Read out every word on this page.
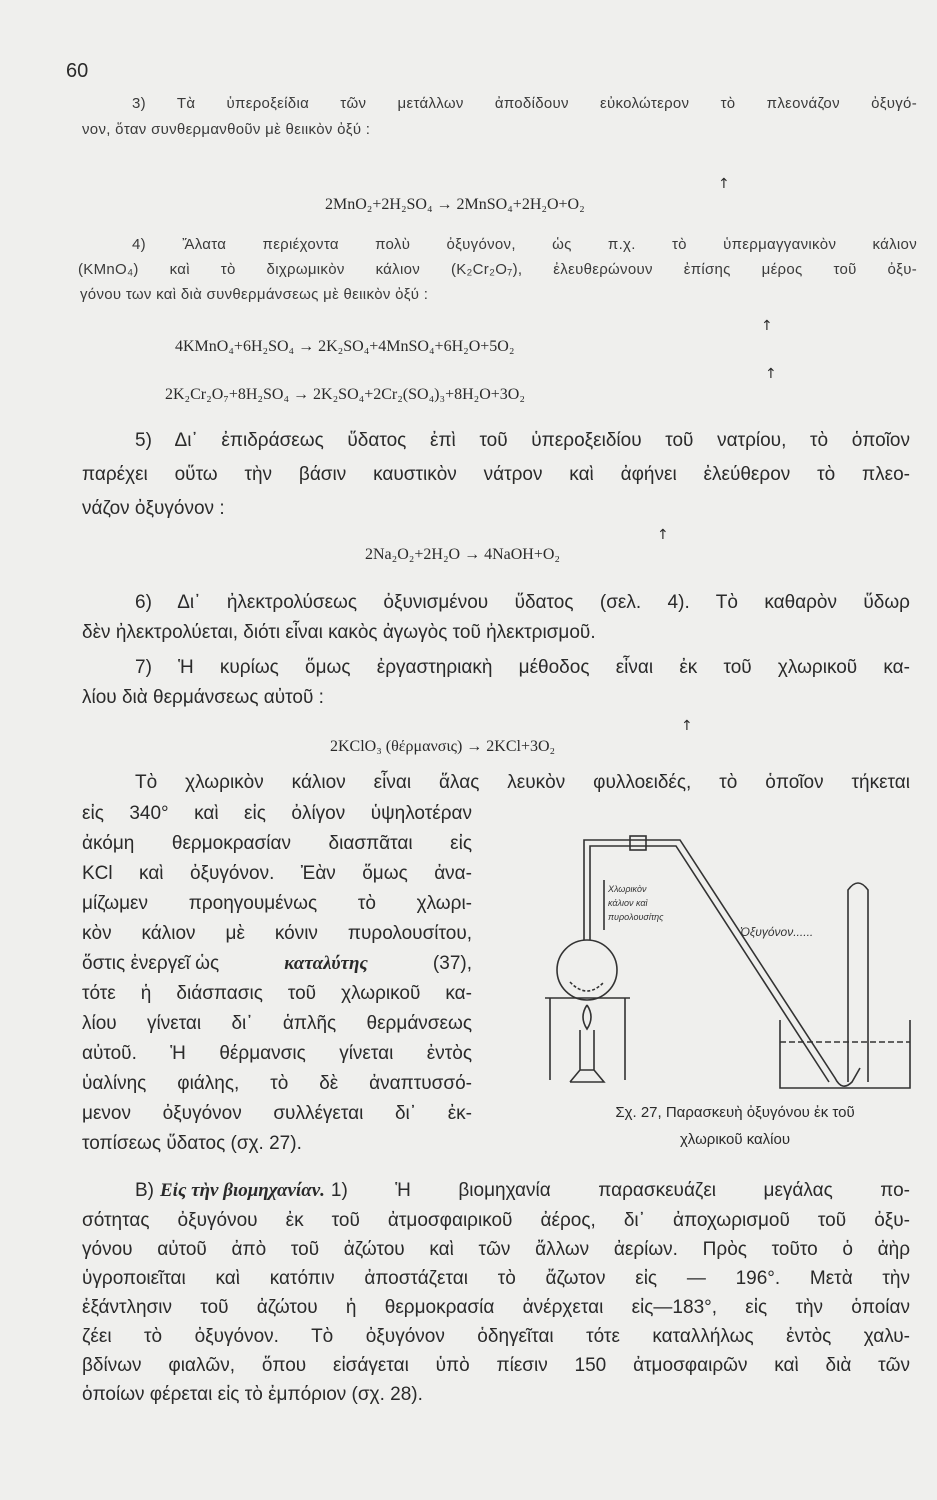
60
3) Τὰ ὑπεροξείδια τῶν μετάλλων ἀποδίδουν εὐκολώτερον τὸ πλεονάζον ὀξυγό-
νον, ὅταν συνθερμανθοῦν μὲ θειικὸν ὀξύ :
↑
2MnO₂+2H₂SO₄ → 2MnSO₄+2H₂O+O₂
4) Ἄλατα περιέχοντα πολὺ ὀξυγόνον, ὡς π.χ. τὸ ὑπερμαγγανικὸν κάλιον
(KMnO₄) καὶ τὸ διχρωμικὸν κάλιον (K₂Cr₂O₇), ἐλευθερώνουν ἐπίσης μέρος τοῦ ὀξυ-
γόνου των καὶ διὰ συνθερμάνσεως μὲ θειικὸν ὀξύ :
↑
4KMnO₄+6H₂SO₄ → 2K₂SO₄+4MnSO₄+6H₂O+5O₂
↑
2K₂Cr₂O₇+8H₂SO₄ → 2K₂SO₄+2Cr₂(SO₄)₃+8H₂O+3O₂
5) Δι᾽ ἐπιδράσεως ὕδατος ἐπὶ τοῦ ὑπεροξειδίου τοῦ νατρίου, τὸ ὁποῖον
παρέχει οὕτω τὴν βάσιν καυστικὸν νάτρον καὶ ἀφήνει ἐλεύθερον τὸ πλεο-
νάζον ὀξυγόνον :
↑
2Na₂O₂+2H₂O → 4NaOH+O₂
6) Δι᾽ ἠλεκτρολύσεως ὀξυνισμένου ὕδατος (σελ. 4). Τὸ καθαρὸν ὕδωρ
δὲν ἠλεκτρολύεται, διότι εἶναι κακὸς ἀγωγὸς τοῦ ἠλεκτρισμοῦ.
7) Ἡ κυρίως ὅμως ἐργαστηριακὴ μέθοδος εἶναι ἐκ τοῦ χλωρικοῦ κα-
λίου διὰ θερμάνσεως αὐτοῦ :
↑
2KClO₃ (θέρμανσις) → 2KCl+3O₂
Τὸ χλωρικὸν κάλιον εἶναι ἅλας λευκὸν φυλλοειδές, τὸ ὁποῖον τήκεται
εἰς 340° καὶ εἰς ὀλίγον ὑψηλοτέραν
ἀκόμη θερμοκρασίαν διασπᾶται εἰς
KCl καὶ ὀξυγόνον. Ἐὰν ὅμως ἀνα-
μίζωμεν προηγουμένως τὸ χλωρι-
κὸν κάλιον μὲ κόνιν πυρολουσίτου,
ὅστις ἐνεργεῖ ὡς	καταλύτης	(37),
τότε ἡ διάσπασις τοῦ χλωρικοῦ κα-
λίου γίνεται δι᾽ ἁπλῆς θερμάνσεως
αὐτοῦ. Ἡ θέρμανσις γίνεται ἐντὸς
ὑαλίνης φιάλης, τὸ δὲ ἀναπτυσσό-
μενον ὀξυγόνον συλλέγεται δι᾽ ἐκ-
τοπίσεως ὕδατος (σχ. 27).
Χλωρικὸν
κάλιον καὶ
πυρολουσίτης
Ὀξυγόνον......
Σχ. 27, Παρασκευὴ ὀξυγόνου ἐκ τοῦ
χλωρικοῦ καλίου
B) Εἰς τὴν βιομηχανίαν. 1) Ἡ βιομηχανία παρασκευάζει μεγάλας πο-
σότητας ὀξυγόνου ἐκ τοῦ ἀτμοσφαιρικοῦ ἀέρος, δι᾽ ἀποχωρισμοῦ τοῦ ὀξυ-
γόνου αὐτοῦ ἀπὸ τοῦ ἀζώτου καὶ τῶν ἄλλων ἀερίων. Πρὸς τοῦτο ὁ ἀὴρ
ὑγροποιεῖται καὶ κατόπιν ἀποστάζεται τὸ ἄζωτον εἰς — 196°. Μετὰ τὴν
ἐξάντλησιν τοῦ ἀζώτου ἡ θερμοκρασία ἀνέρχεται εἰς—183°, εἰς τὴν ὁποίαν
ζέει τὸ ὀξυγόνον. Τὸ ὀξυγόνον ὁδηγεῖται τότε καταλλήλως ἐντὸς χαλυ-
βδίνων φιαλῶν, ὅπου εἰσάγεται ὑπὸ πίεσιν 150 ἀτμοσφαιρῶν καὶ διὰ τῶν
ὁποίων φέρεται εἰς τὸ ἐμπόριον (σχ. 28).
